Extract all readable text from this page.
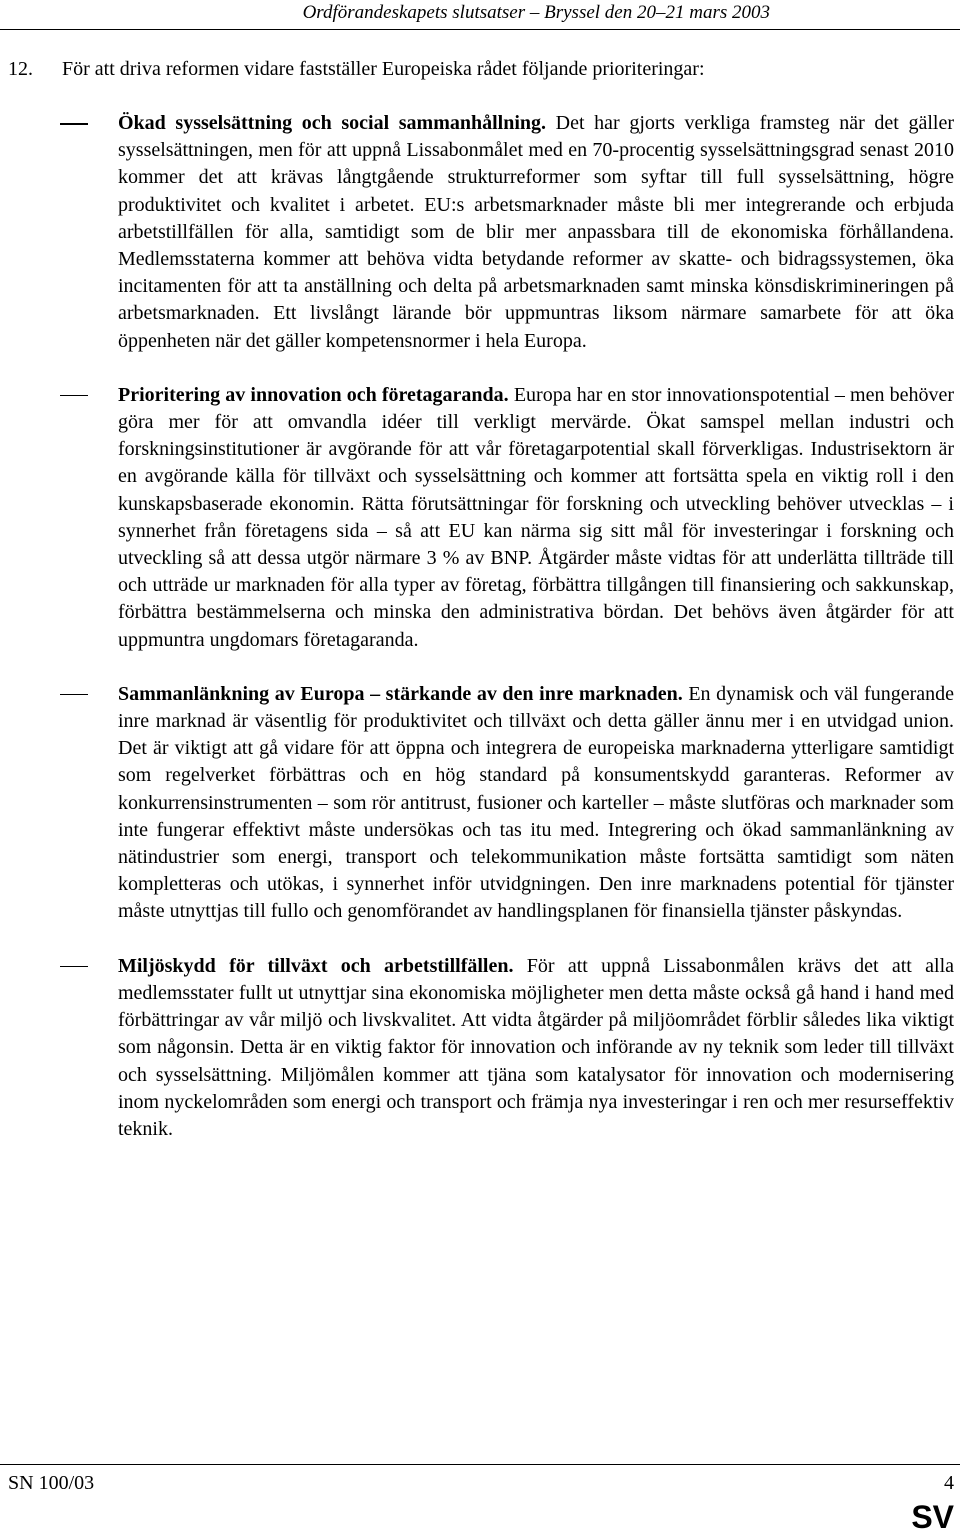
Ordförandeskapets slutsatser – Bryssel den 20–21 mars 2003
12. För att driva reformen vidare fastställer Europeiska rådet följande prioriteringar:

Ökad sysselsättning och social sammanhållning. Det har gjorts verkliga framsteg när det gäller sysselsättningen, men för att uppnå Lissabonmålet med en 70-procentig sysselsättningsgrad senast 2010 kommer det att krävas långtgående strukturreformer som syftar till full sysselsättning, högre produktivitet och kvalitet i arbetet. EU:s arbetsmarknader måste bli mer integrerande och erbjuda arbetstillfällen för alla, samtidigt som de blir mer anpassbara till de ekonomiska förhållandena. Medlemsstaterna kommer att behöva vidta betydande reformer av skatte- och bidragssystemen, öka incitamenten för att ta anställning och delta på arbetsmarknaden samt minska könsdiskrimineringen på arbetsmarknaden. Ett livslångt lärande bör uppmuntras liksom närmare samarbete för att öka öppenheten när det gäller kompetensnormer i hela Europa.

Prioritering av innovation och företagaranda. Europa har en stor innovationspotential – men behöver göra mer för att omvandla idéer till verkligt mervärde. Ökat samspel mellan industri och forskningsinstitutioner är avgörande för att vår företagarpotential skall förverkligas. Industrisektorn är en avgörande källa för tillväxt och sysselsättning och kommer att fortsätta spela en viktig roll i den kunskapsbaserade ekonomin. Rätta förutsättningar för forskning och utveckling behöver utvecklas – i synnerhet från företagens sida – så att EU kan närma sig sitt mål för investeringar i forskning och utveckling så att dessa utgör närmare 3 % av BNP. Åtgärder måste vidtas för att underlätta tillträde till och utträde ur marknaden för alla typer av företag, förbättra tillgången till finansiering och sakkunskap, förbättra bestämmelserna och minska den administrativa bördan. Det behövs även åtgärder för att uppmuntra ungdomars företagaranda.

Sammanlänkning av Europa – stärkande av den inre marknaden. En dynamisk och väl fungerande inre marknad är väsentlig för produktivitet och tillväxt och detta gäller ännu mer i en utvidgad union. Det är viktigt att gå vidare för att öppna och integrera de europeiska marknaderna ytterligare samtidigt som regelverket förbättras och en hög standard på konsumentskydd garanteras. Reformer av konkurrensinstrumenten – som rör antitrust, fusioner och karteller – måste slutföras och marknader som inte fungerar effektivt måste undersökas och tas itu med. Integrering och ökad sammanlänkning av nätindustrier som energi, transport och telekommunikation måste fortsätta samtidigt som näten kompletteras och utökas, i synnerhet inför utvidgningen. Den inre marknadens potential för tjänster måste utnyttjas till fullo och genomförandet av handlingsplanen för finansiella tjänster påskyndas.

Miljöskydd för tillväxt och arbetstillfällen. För att uppnå Lissabonmålen krävs det att alla medlemsstater fullt ut utnyttjar sina ekonomiska möjligheter men detta måste också gå hand i hand med förbättringar av vår miljö och livskvalitet. Att vidta åtgärder på miljöområdet förblir således lika viktigt som någonsin. Detta är en viktig faktor för innovation och införande av ny teknik som leder till tillväxt och sysselsättning. Miljömålen kommer att tjäna som katalysator för innovation och modernisering inom nyckelområden som energi och transport och främja nya investeringar i ren och mer resurseffektiv teknik.

SN 100/03	4
SV
